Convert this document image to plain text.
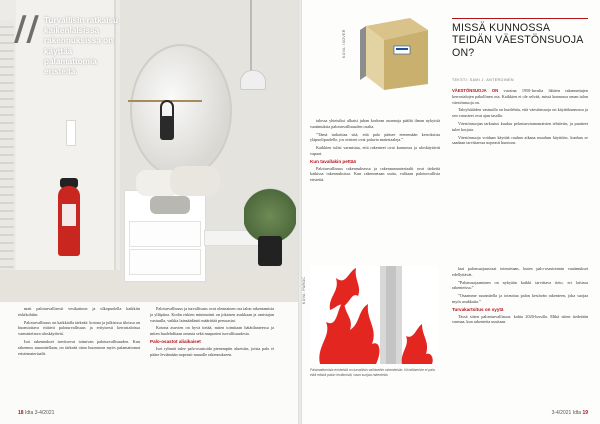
// Turvallisin ratkaisu kaikenlaisissa rakennuksissa on käyttää palamattomia eristeitä.

matt paloturvallisesti vesikattoon ja ulkopuolella kaikkiin riskikohtiin.

Paloturvallisuus on kaikkialla tärkeää: kotona ja julkisissa tiloissa on huomioitava riittävä paloturvallisuus ja erityisesti kerrostaloissa varmistettava uloskäytävät.

Isot rakennukset tarvitsevat toimivan paloturvallisuuden. Kun rakennus suunnitellaan, on tärkeää ottaa huomioon myös palamattomat eristemateriaalit.

Paloturvallisuus ja turvallisuus ovat olennainen osa talon rakentamista ja ylläpitoa. Kodin riskien minimointi on jokaisen asukkaan ja omistajan vastuulla, vaikka lainsäädäntö määrittää perusasiat.

Kotona asuvien on hyvä tietää, miten toimitaan hätätilanteessa ja miten huolehditaan omasta sekä naapurien turvallisuudesta.

Palo-osastot aliaikaiset

Isot ryhmät tulee palo-osastoida pienempiin alueisiin, joista palo ei pääse leviämään nopeasti muualle rakennukseen.

18 Idta 3-4/2021
KUVA: ISOVER
MISSÄ KUNNOSSA TEIDÄN VÄESTÖNSUOJA ON?
TEKSTI: SAMI J. ANTEROINEN

talossa yhteisiksi alkaisi juhan korkean asunnoja päältä ilman nykyisiä vaatimuksia paloturvallisuuden osalta.

”Tämä tarkoittaa sitä, että palo pääsee etenemään kerroksista yläpuolipuolelle, jos eristeet ovat palavia materiaaleja.”

Kaikkien tulisi varmistaa, että rakenteet ovat kunnossa ja uloskäytävät vapaat.

Kun tavallakin pettää

Paloturvallisuus rakennuksessa ja rakennusmateriaalit ovat tärkeitä kaikissa rakennuksissa. Kun rakennetaan uutta, valitaan paloturvallisia eristeitä.

VÄESTÖNSUOJA ON vuosina 1950-luvulta lähtien rakennettujen kerrostalojen pakollinen osa. Kaikkien ei ole selvää, missä kunnossa oman talon väestönsuoja on.

Taloyhtiöiden vastuulla on huolehtia, että väestönsuoja on käyttökunnossa ja sen varusteet ovat ajan tasalla.

Väestönsuojan tarkastus kuuluu pelastusviranomaisten tehtäviin, ja puutteet tulee korjata.

Väestönsuoja voidaan käyttää rauhan aikana muuhun käyttöön, kunhan se saadaan tarvittaessa nopeasti kuntoon.

KUVA: PAROC
Palamattomista eristeistä on turvallisin vaihtoehto rakenteisiin. Kivivillaeriste ei pala eikä edistä palon leviämistä, vaan suojaa rakenteita.

laat palonsuojausosat toteutetaan, kuten palo-osastoinnin vaatimukset edellyttävät.

”Palonsuojaaminen on nykyään kaikki tarvittava tieto, eri laisissa rakenteissa.”

”Osaamme suunnitella ja toteuttaa palon kestävän rakenteen, joka suojaa myös asukkaita.”

Turvakartoitus on syytä

Tässä sitten palonturvallisuus: kohta 2020-luvulla. Mikä sitten tiedetään varmaa, kun rakenteita uusitaan.

3-4/2021 Idta 19
